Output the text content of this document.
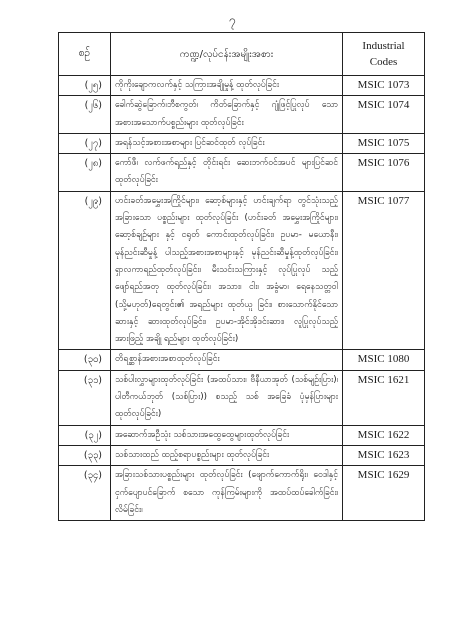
၇
စဉ်	ကဏ္ဍ/လုပ်ငန်းအမျိုးအစား	Industrial
Codes

(၂၅)	ကိုကိုးချောကလက်နှင့် သကြားအချိုမှုန့် ထုတ်လုပ်ခြင်း	MSIC 1073
(၂၆)	ခေါက်ဆွဲခြောက်၊ဘီစကွတ်၊ ကိတ်ခြောက်နှင့် ဂျုံဖြင့်ပြုလုပ် သောအစားအသောက်ပစ္စည်းများ ထုတ်လုပ်ခြင်း	MSIC 1074
(၂၇)	အရန်သင့်အစားအစာများ ပြင်ဆင်ထုတ် လုပ်ခြင်း	MSIC 1075
(၂၈)	ကော်ဖီ၊ လက်ဖက်ရည်နှင့် တိုင်းရင်း ဆေးဘက်ဝင်အပင် များပြင်ဆင်ထုတ်လုပ်ခြင်း	MSIC 1076
(၂၉)	ဟင်းခတ်အမွှေးအကြိုင်များ၊ ဆော့စ်များနှင့် ဟင်းချက်ရာ တွင်သုံးသည့် အခြားသော ပစ္စည်းများ ထုတ်လုပ်ခြင်း (ဟင်းခတ် အမွှေးအကြိုင်များ၊ ဆော့စ်ချဉ်များ နှင့် ငရုတ် ကောင်းထုတ်လုပ်ခြင်း၊ ဥပမာ- မယောနီး၊ မုန်ညင်းဆီမှုန့် ပါသည့်အစားအစာများနှင့် မုန်ညင်းဆီမှုန့်ထုတ်လုပ်ခြင်း၊ ရှာလကာရည်ထုတ်လုပ်ခြင်း၊ မီးသင်းသကြားနှင့် လုပ်ပြုလုပ် သည့်ဖျော်ရည်အတု ထုတ်လုပ်ခြင်း၊ အသား၊ ငါး၊ အခွံမာ၊ ရေနေသတ္တဝါ (သို့မဟုတ်)ရေတွင်း၏ အရည်များ ထုတ်ယူ ခြင်း၊ စားသောက်နိုင်သောဆားနှင့် ဆားထုတ်လုပ်ခြင်း၊ ဥပမာ-အိုင်အိုဒင်းဆား၊ လူပြုလုပ်သည့် အားဖြည့် အချို ရည်များ ထုတ်လုပ်ခြင်း)	MSIC 1077
(၃၀)	တိရစ္ဆာန်အစားအစာထုတ်လုပ်ခြင်း	MSIC 1080
(၃၁)	သစ်ပါးလွှာများထုတ်လုပ်ခြင်း (အထပ်သား၊ ဗီနီယာအုတ် (သစ်မျဉ်းပြား)၊ ပါတီကယ်ဘုတ် (သစ်ပြား)) စသည့် သစ် အခြေခံ ပုံမှန်ပြားများ ထုတ်လုပ်ခြင်း)	MSIC 1621
(၃၂)	အဆောက်အဦသုံး သစ်သားအထွေထွေများထုတ်လုပ်ခြင်း	MSIC 1622
(၃၃)	သစ်သားထည် ထည့်စရာပစ္စည်းများ ထုတ်လုပ်ခြင်း	MSIC 1623
(၃၄)	အခြားသစ်သားပစ္စည်းများ ထုတ်လုပ်ခြင်း (ဖျောက်ကောက်ရိုး၊ ဝေဒါနှင့် ငှက်ပျောပင်ခြောက် စသော ကုန်ကြမ်းများကို အထပ်ထပ်ခေါက်ခြင်း၊ လိမ်ခြင်း၊	MSIC 1629
